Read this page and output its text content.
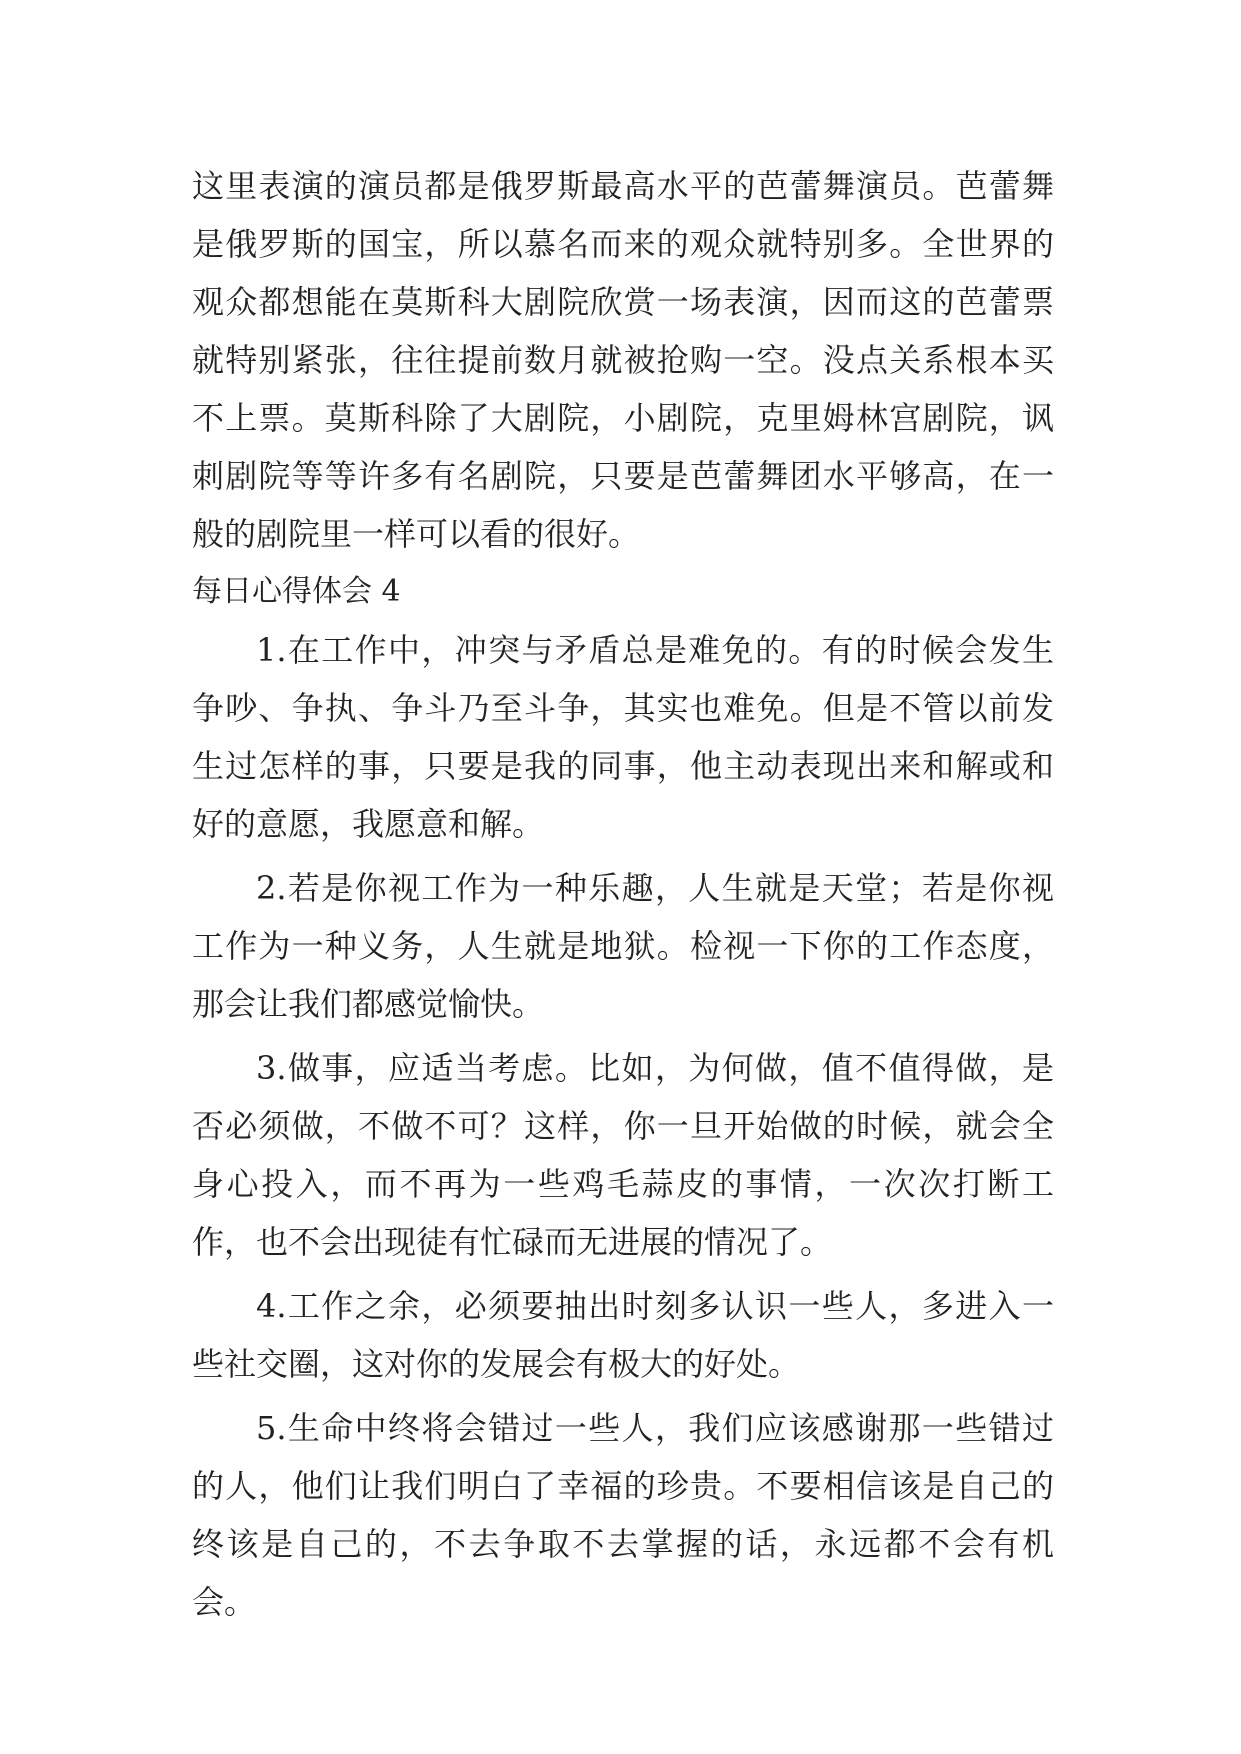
这里表演的演员都是俄罗斯最高水平的芭蕾舞演员。芭蕾舞是俄罗斯的国宝，所以慕名而来的观众就特别多。全世界的观众都想能在莫斯科大剧院欣赏一场表演，因而这的芭蕾票就特别紧张，往往提前数月就被抢购一空。没点关系根本买不上票。莫斯科除了大剧院，小剧院，克里姆林宫剧院，讽刺剧院等等许多有名剧院，只要是芭蕾舞团水平够高，在一般的剧院里一样可以看的很好。

每日心得体会 4

1.在工作中，冲突与矛盾总是难免的。有的时候会发生争吵、争执、争斗乃至斗争，其实也难免。但是不管以前发生过怎样的事，只要是我的同事，他主动表现出来和解或和好的意愿，我愿意和解。

2.若是你视工作为一种乐趣，人生就是天堂；若是你视工作为一种义务，人生就是地狱。检视一下你的工作态度，那会让我们都感觉愉快。

3.做事，应适当考虑。比如，为何做，值不值得做，是否必须做，不做不可？这样，你一旦开始做的时候，就会全身心投入，而不再为一些鸡毛蒜皮的事情，一次次打断工作，也不会出现徒有忙碌而无进展的情况了。

4.工作之余，必须要抽出时刻多认识一些人，多进入一些社交圈，这对你的发展会有极大的好处。

5.生命中终将会错过一些人，我们应该感谢那一些错过的人，他们让我们明白了幸福的珍贵。不要相信该是自己的终该是自己的，不去争取不去掌握的话，永远都不会有机会。
